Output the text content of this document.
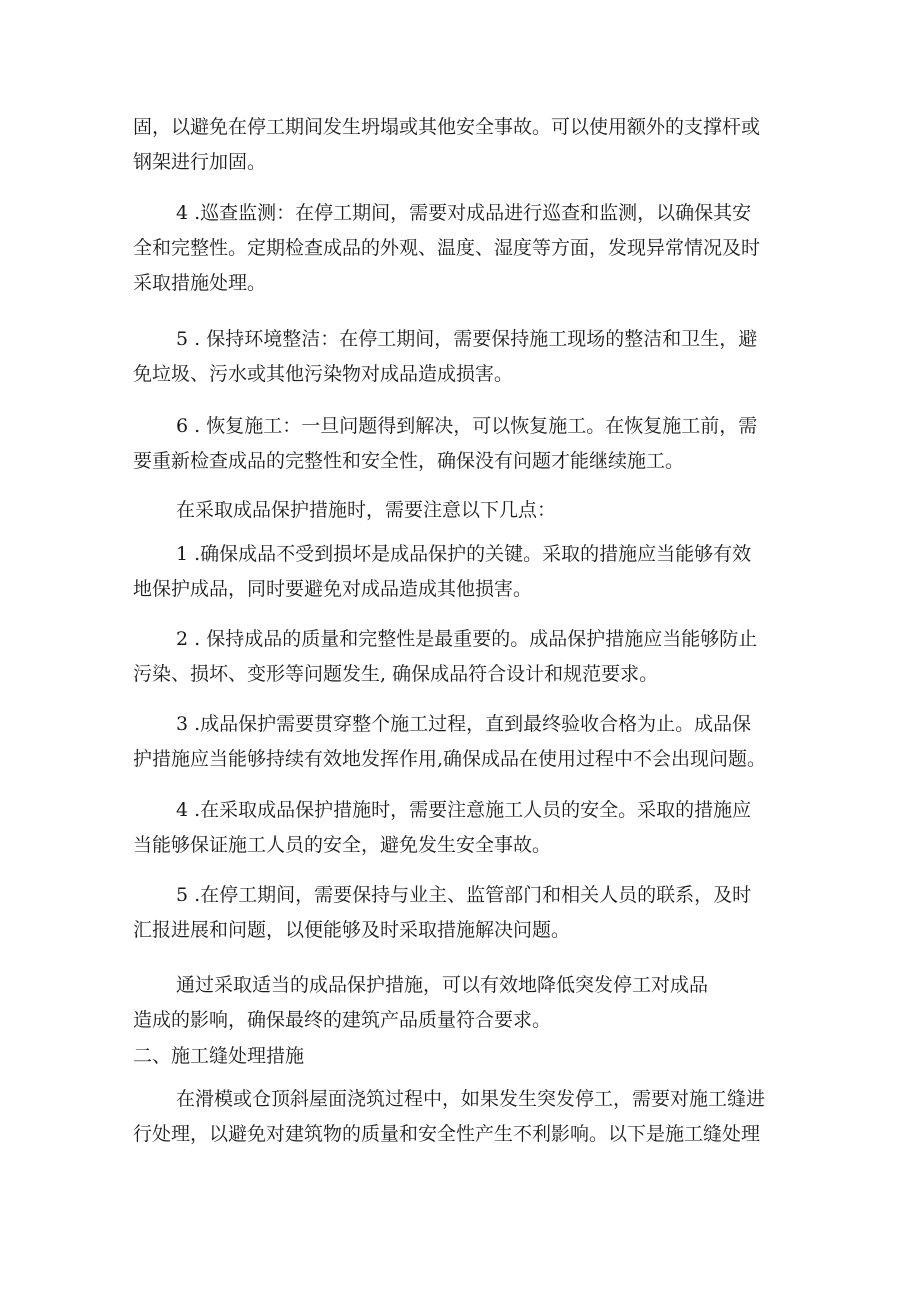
固，以避免在停工期间发生坍塌或其他安全事故。可以使用额外的支撑杆或
钢架进行加固。

4 .巡查监测：在停工期间，需要对成品进行巡查和监测，以确保其安
全和完整性。定期检查成品的外观、温度、湿度等方面，发现异常情况及时
采取措施处理。

5 . 保持环境整洁：在停工期间，需要保持施工现场的整洁和卫生，避
免垃圾、污水或其他污染物对成品造成损害。

6 . 恢复施工：一旦问题得到解决，可以恢复施工。在恢复施工前，需
要重新检查成品的完整性和安全性，确保没有问题才能继续施工。

在采取成品保护措施时，需要注意以下几点：

1 .确保成品不受到损坏是成品保护的关键。采取的措施应当能够有效
地保护成品，同时要避免对成品造成其他损害。

2 . 保持成品的质量和完整性是最重要的。成品保护措施应当能够防止
污染、损坏、变形等问题发生, 确保成品符合设计和规范要求。

3 .成品保护需要贯穿整个施工过程，直到最终验收合格为止。成品保
护措施应当能够持续有效地发挥作用,确保成品在使用过程中不会出现问题。

4 .在采取成品保护措施时，需要注意施工人员的安全。采取的措施应
当能够保证施工人员的安全，避免发生安全事故。

5 .在停工期间，需要保持与业主、监管部门和相关人员的联系，及时
汇报进展和问题，以便能够及时采取措施解决问题。

通过采取适当的成品保护措施，可以有效地降低突发停工对成品
造成的影响，确保最终的建筑产品质量符合要求。

二、施工缝处理措施

在滑模或仓顶斜屋面浇筑过程中，如果发生突发停工，需要对施工缝进
行处理，以避免对建筑物的质量和安全性产生不利影响。以下是施工缝处理
